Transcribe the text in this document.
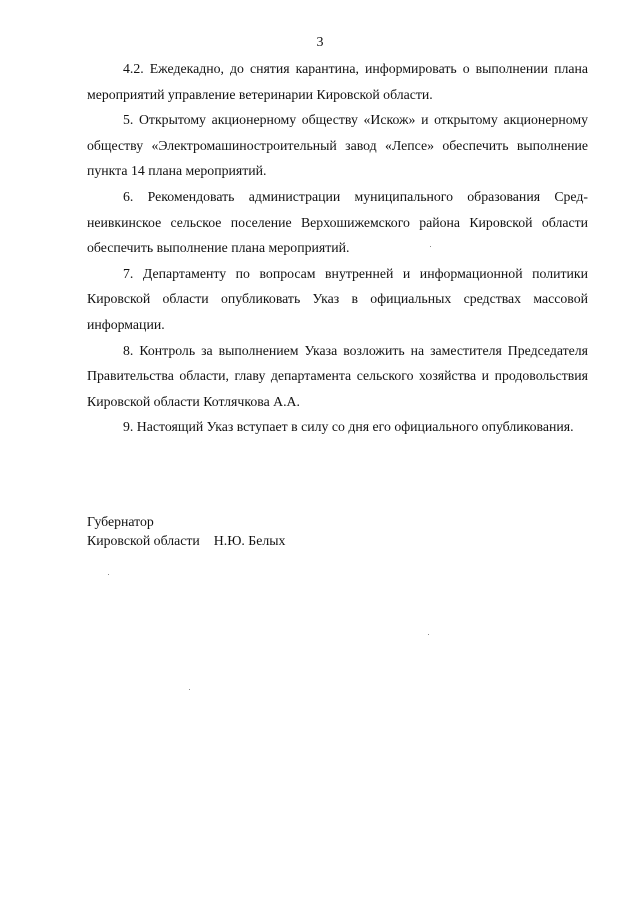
3

4.2. Ежедекадно, до снятия карантина, информировать о выполнении плана мероприятий управление ветеринарии Кировской области.

5. Открытому акционерному обществу «Искож» и открытому акционерному обществу «Электромашиностроительный завод «Лепсе» обеспечить выполнение пункта 14 плана мероприятий.

6. Рекомендовать администрации муниципального образования Среднеивкинское сельское поселение Верхошижемского района Кировской области обеспечить выполнение плана мероприятий.

7. Департаменту по вопросам внутренней и информационной политики Кировской области опубликовать Указ в официальных средствах массовой информации.

8. Контроль за выполнением Указа возложить на заместителя Председателя Правительства области, главу департамента сельского хозяйства и продовольствия Кировской области Котлячкова А.А.

9. Настоящий Указ вступает в силу со дня его официального опубликования.

Губернатор
Кировской области Н.Ю. Белых
